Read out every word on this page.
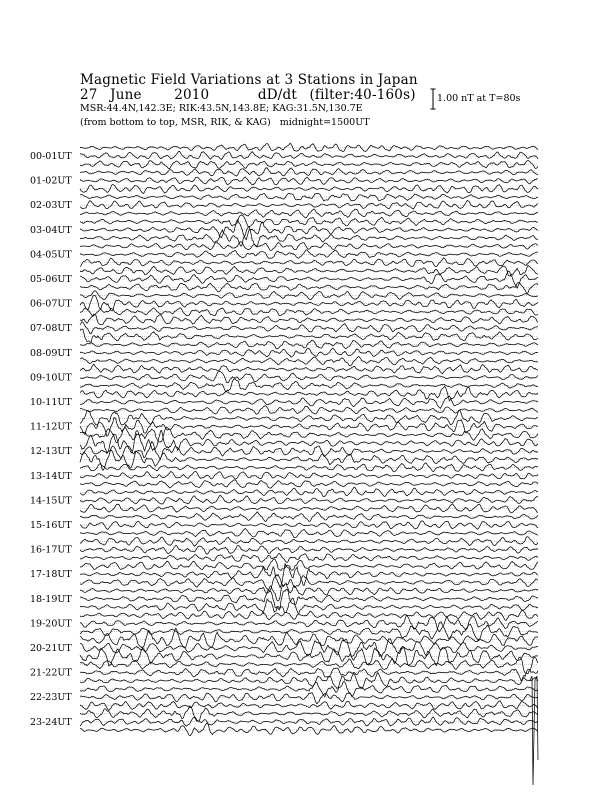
Magnetic Field Variations at 3 Stations in Japan
27 June 2010	dD/dt (filter:40-160s)
MSR:44.4N,142.3E; RIK:43.5N,143.8E; KAG:31.5N,130.7E
(from bottom to top, MSR, RIK, & KAG) midnight=1500UT
1.00 nT at T=80s
00-01UT
01-02UT
02-03UT
03-04UT
04-05UT
05-06UT
06-07UT
07-08UT
08-09UT
09-10UT
10-11UT
11-12UT
12-13UT
13-14UT
14-15UT
15-16UT
16-17UT
17-18UT
18-19UT
19-20UT
20-21UT
21-22UT
22-23UT
23-24UT
